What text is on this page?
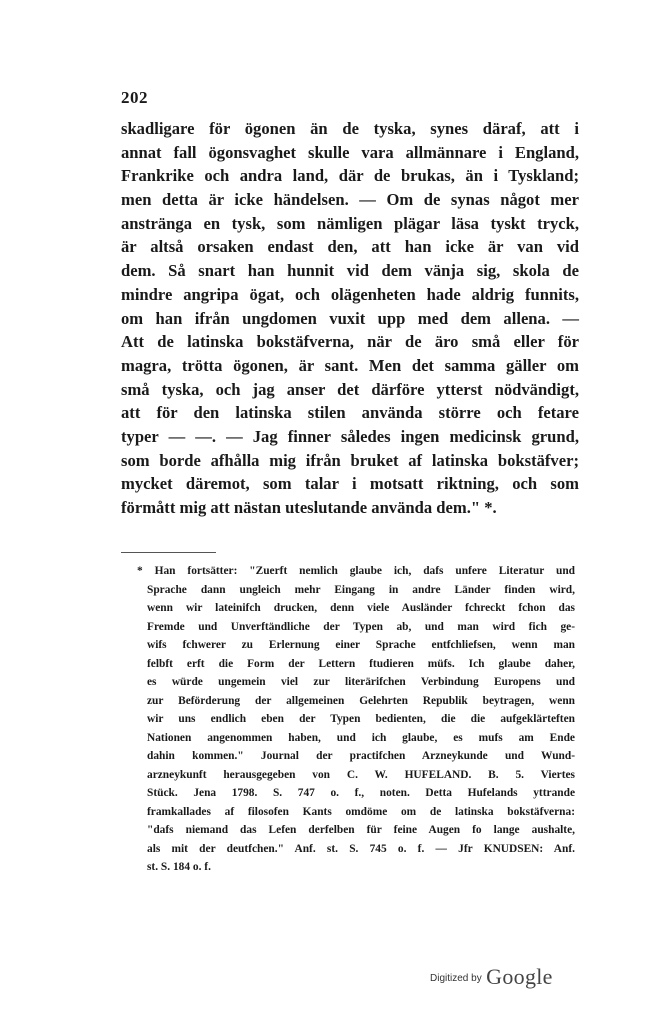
202
skadligare för ögonen än de tyska, synes däraf, att i
annat fall ögonsvaghet skulle vara allmännare i England,
Frankrike och andra land, där de brukas, än i Tyskland;
men detta är icke händelsen. — Om de synas något mer
anstränga en tysk, som nämligen plägar läsa tyskt tryck,
är altså orsaken endast den, att han icke är van vid
dem. Så snart han hunnit vid dem vänja sig, skola de
mindre angripa ögat, och olägenheten hade aldrig funnits,
om han ifrån ungdomen vuxit upp med dem allena. —
Att de latinska bokstäfverna, när de äro små eller för
magra, trötta ögonen, är sant. Men det samma gäller om
små tyska, och jag anser det därföre ytterst nödvändigt,
att för den latinska stilen använda större och fetare
typer — —. — Jag finner således ingen medicinsk grund,
som borde afhålla mig ifrån bruket af latinska bokstäfver;
mycket däremot, som talar i motsatt riktning, och som
förmått mig att nästan uteslutande använda dem." *.
* Han fortsätter: "Zuerft nemlich glaube ich, dafs unfere Literatur und
Sprache dann ungleich mehr Eingang in andre Länder finden wird,
wenn wir lateinifch drucken, denn viele Ausländer fchreckt fchon das
Fremde und Unverftändliche der Typen ab, und man wird fich ge-
wifs fchwerer zu Erlernung einer Sprache entfchliefsen, wenn man
felbft erft die Form der Lettern ftudieren müfs. Ich glaube daher,
es würde ungemein viel zur literärifchen Verbindung Europens und
zur Beförderung der allgemeinen Gelehrten Republik beytragen, wenn
wir uns endlich eben der Typen bedienten, die die aufgeklärteften
Nationen angenommen haben, und ich glaube, es mufs am Ende
dahin kommen." Journal der practifchen Arzneykunde und Wund-
arzneykunft herausgegeben von C. W. HUFELAND. B. 5. Viertes
Stück. Jena 1798. S. 747 o. f., noten. Detta Hufelands yttrande
framkallades af filosofen Kants omdöme om de latinska bokstäfverna:
"dafs niemand das Lefen derfelben für feine Augen fo lange aushalte,
als mit der deutfchen." Anf. st. S. 745 o. f. — Jfr KNUDSEN: Anf.
st. S. 184 o. f.
Digitized by Google
